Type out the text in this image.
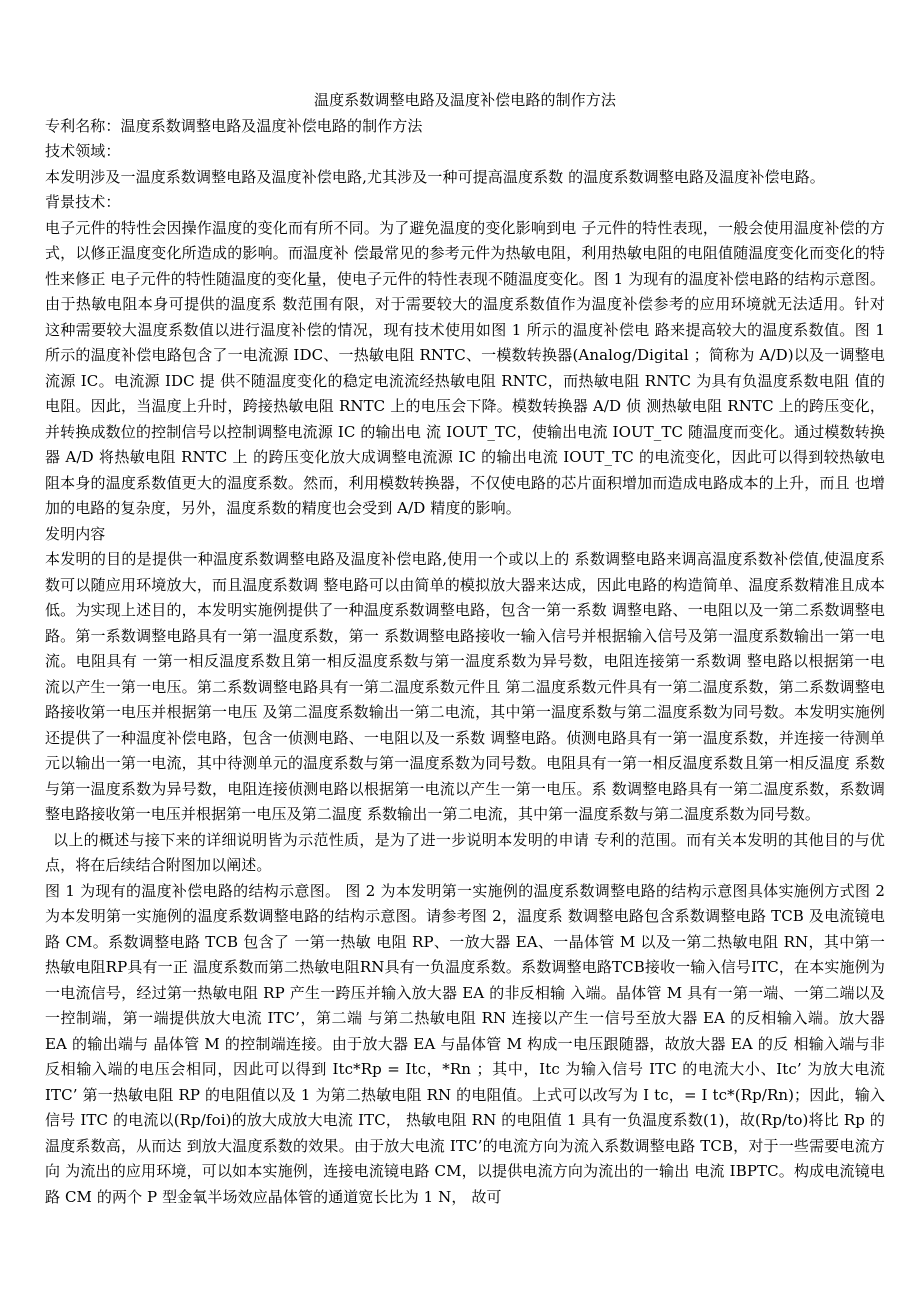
温度系数调整电路及温度补偿电路的制作方法

专利名称：温度系数调整电路及温度补偿电路的制作方法

技术领域：

本发明涉及一温度系数调整电路及温度补偿电路,尤其涉及一种可提高温度系数 的温度系数调整电路及温度补偿电路。

背景技术：

电子元件的特性会因操作温度的变化而有所不同。为了避免温度的变化影响到电 子元件的特性表现，一般会使用温度补偿的方式，以修正温度变化所造成的影响。而温度补 偿最常见的参考元件为热敏电阻，利用热敏电阻的电阻值随温度变化而变化的特性来修正 电子元件的特性随温度的变化量，使电子元件的特性表现不随温度变化。图 1 为现有的温度补偿电路的结构示意图。由于热敏电阻本身可提供的温度系 数范围有限，对于需要较大的温度系数值作为温度补偿参考的应用环境就无法适用。针对 这种需要较大温度系数值以进行温度补偿的情况，现有技术使用如图 1 所示的温度补偿电 路来提高较大的温度系数值。图 1 所示的温度补偿电路包含了一电流源 IDC、一热敏电阻 RNTC、一模数转换器(Analog/Digital ；简称为 A/D)以及一调整电流源 IC。电流源 IDC 提 供不随温度变化的稳定电流流经热敏电阻 RNTC，而热敏电阻 RNTC 为具有负温度系数电阻 值的电阻。因此，当温度上升时，跨接热敏电阻 RNTC 上的电压会下降。模数转换器 A/D 侦 测热敏电阻 RNTC 上的跨压变化，并转换成数位的控制信号以控制调整电流源 IC 的输出电 流 IOUT_TC，使输出电流 IOUT_TC 随温度而变化。通过模数转换器 A/D 将热敏电阻 RNTC 上 的跨压变化放大成调整电流源 IC 的输出电流 IOUT_TC 的电流变化，因此可以得到较热敏电 阻本身的温度系数值更大的温度系数。然而，利用模数转换器，不仅使电路的芯片面积增加而造成电路成本的上升，而且 也增加的电路的复杂度，另外，温度系数的精度也会受到 A/D 精度的影响。

发明内容

本发明的目的是提供一种温度系数调整电路及温度补偿电路,使用一个或以上的 系数调整电路来调高温度系数补偿值,使温度系数可以随应用环境放大，而且温度系数调 整电路可以由简单的模拟放大器来达成，因此电路的构造简单、温度系数精准且成本低。为实现上述目的，本发明实施例提供了一种温度系数调整电路，包含一第一系数 调整电路、一电阻以及一第二系数调整电路。第一系数调整电路具有一第一温度系数，第一 系数调整电路接收一输入信号并根据输入信号及第一温度系数输出一第一电流。电阻具有 一第一相反温度系数且第一相反温度系数与第一温度系数为异号数，电阻连接第一系数调 整电路以根据第一电流以产生一第一电压。第二系数调整电路具有一第二温度系数元件且 第二温度系数元件具有一第二温度系数，第二系数调整电路接收第一电压并根据第一电压 及第二温度系数输出一第二电流，其中第一温度系数与第二温度系数为同号数。本发明实施例还提供了一种温度补偿电路，包含一侦测电路、一电阻以及一系数 调整电路。侦测电路具有一第一温度系数，并连接一待测单元以输出一第一电流，其中待测单元的温度系数与第一温度系数为同号数。电阻具有一第一相反温度系数且第一相反温度 系数与第一温度系数为异号数，电阻连接侦测电路以根据第一电流以产生一第一电压。系 数调整电路具有一第二温度系数，系数调整电路接收第一电压并根据第一电压及第二温度 系数输出一第二电流，其中第一温度系数与第二温度系数为同号数。

以上的概述与接下来的详细说明皆为示范性质，是为了进一步说明本发明的申请 专利的范围。而有关本发明的其他目的与优点，将在后续结合附图加以阐述。

图 1 为现有的温度补偿电路的结构示意图。 图 2 为本发明第一实施例的温度系数调整电路的结构示意图具体实施例方式图 2 为本发明第一实施例的温度系数调整电路的结构示意图。请参考图 2，温度系 数调整电路包含系数调整电路 TCB 及电流镜电路 CM。系数调整电路 TCB 包含了 一第一热敏 电阻 RP、一放大器 EA、一晶体管 M 以及一第二热敏电阻 RN，其中第一热敏电阻RP具有一正 温度系数而第二热敏电阻RN具有一负温度系数。系数调整电路TCB接收一输入信号ITC，在本实施例为一电流信号，经过第一热敏电阻 RP 产生一跨压并输入放大器 EA 的非反相输 入端。晶体管 M 具有一第一端、一第二端以及一控制端，第一端提供放大电流 ITC’，第二端 与第二热敏电阻 RN 连接以产生一信号至放大器 EA 的反相输入端。放大器 EA 的输出端与 晶体管 M 的控制端连接。由于放大器 EA 与晶体管 M 构成一电压跟随器，故放大器 EA 的反 相输入端与非反相输入端的电压会相同，因此可以得到 Itc*Rp = Itc，*Rn ；其中，Itc 为输入信号 ITC 的电流大小、Itc’ 为放大电流 ITC’ 第一热敏电阻 RP 的电阻值以及 1 为第二热敏电阻 RN 的电阻值。上式可以改写为 I tc，= I tc*(Rp/Rn)；因此，输入信号 ITC 的电流以(Rp/foi)的放大成放大电流 ITC， 热敏电阻 RN 的电阻值 1 具有一负温度系数(1)，故(Rp/to)将比 Rp 的温度系数高，从而达 到放大温度系数的效果。由于放大电流 ITC’的电流方向为流入系数调整电路 TCB，对于一些需要电流方向 为流出的应用环境，可以如本实施例，连接电流镜电路 CM，以提供电流方向为流出的一输出 电流 IBPTC。构成电流镜电路 CM 的两个 P 型金氧半场效应晶体管的通道宽长比为 1 N， 故可
